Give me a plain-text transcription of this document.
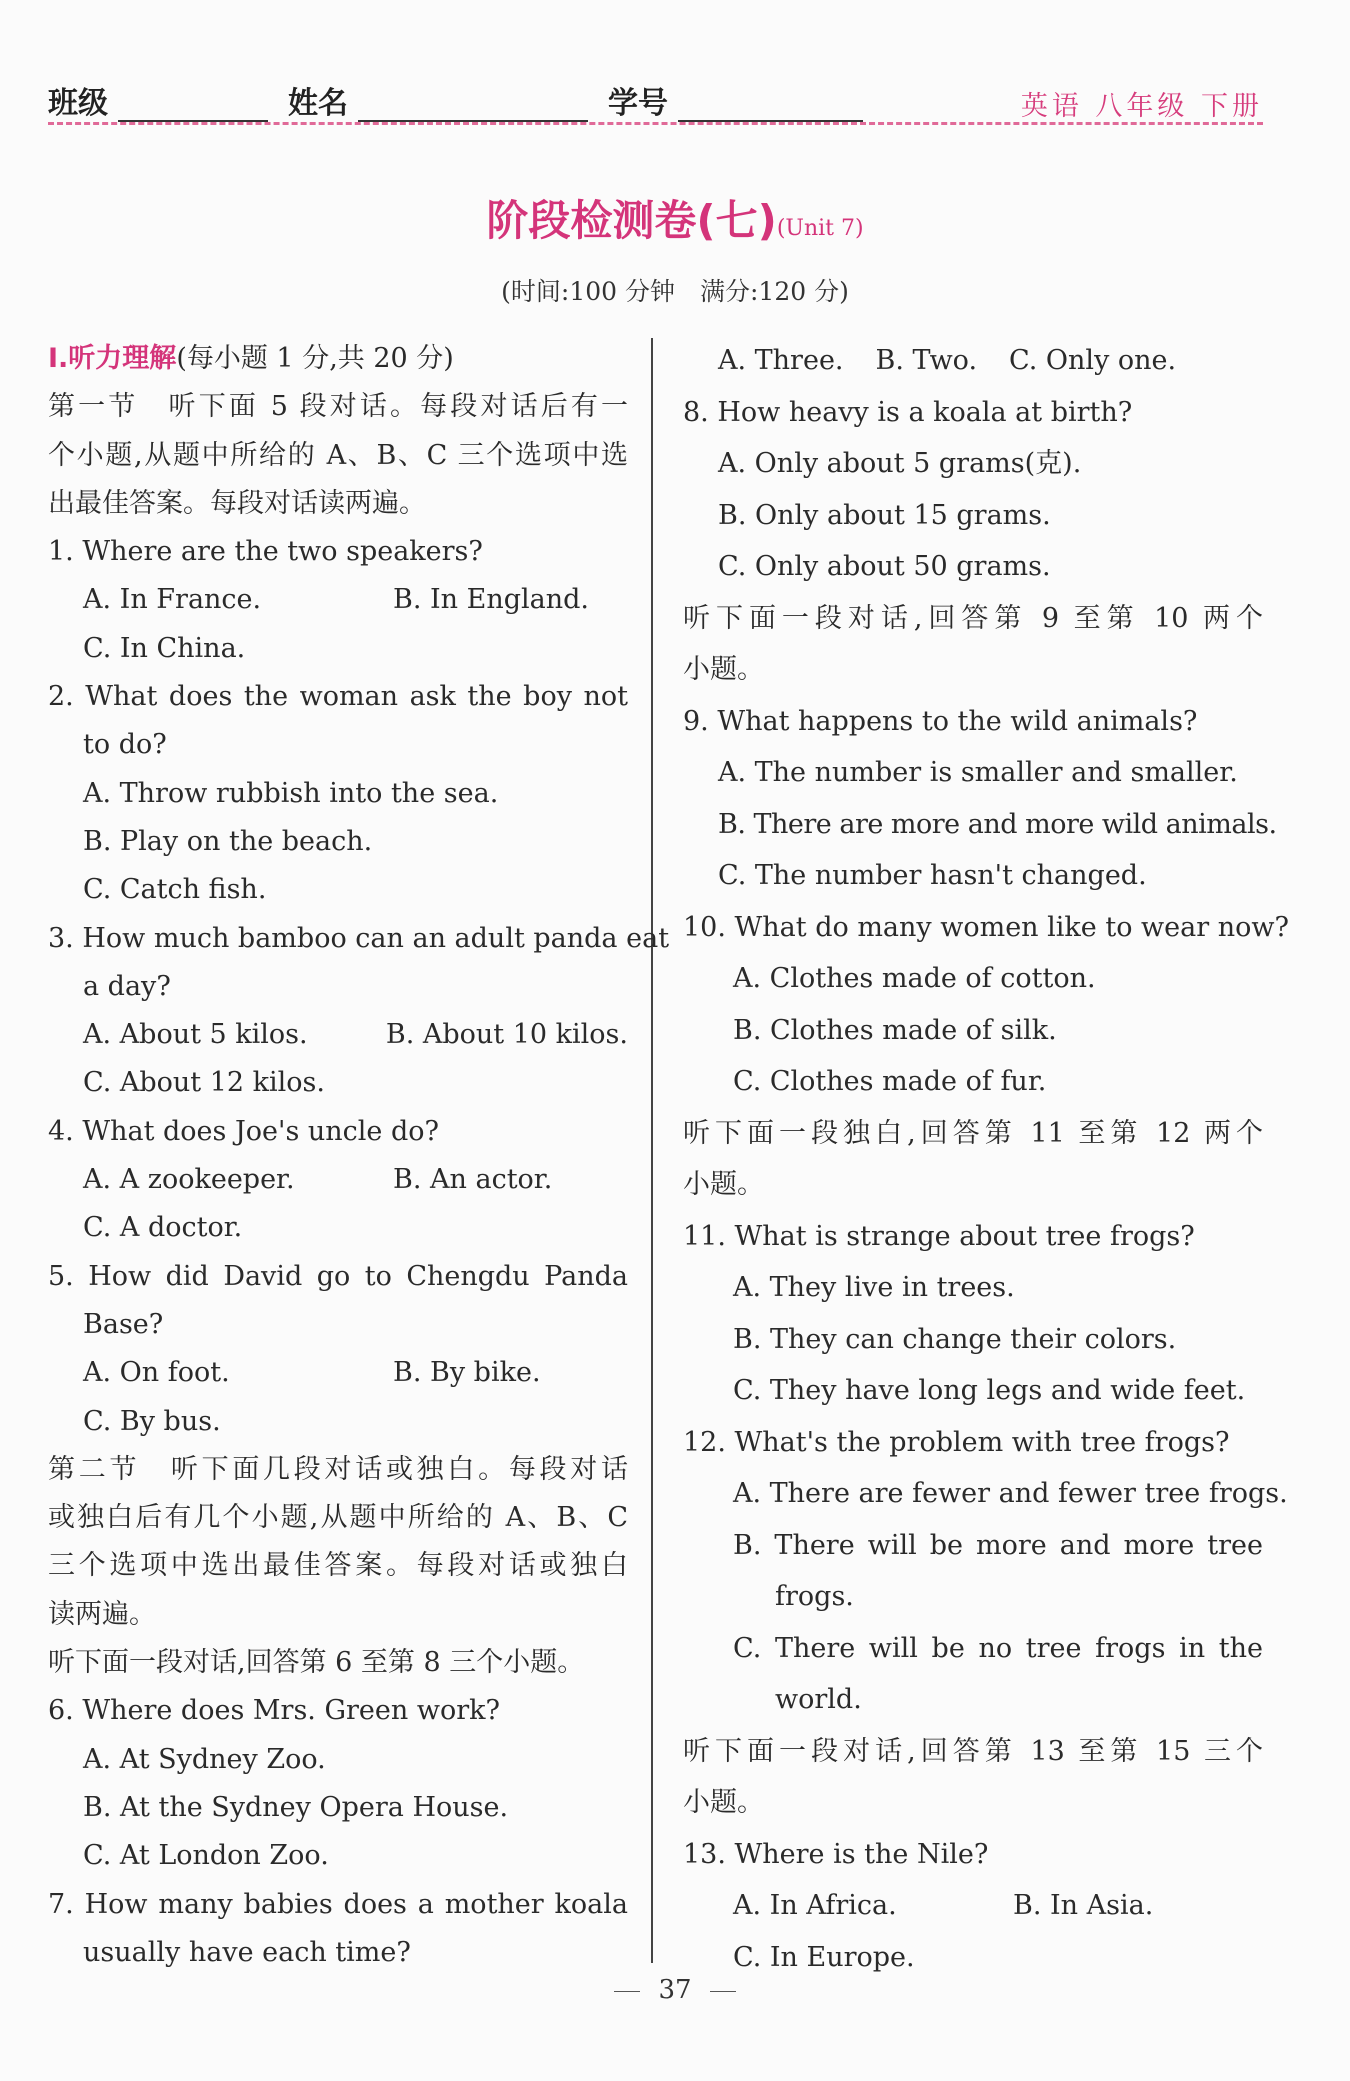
班级	姓名	学号	英语 八年级 下册
阶段检测卷(七)(Unit 7)
(时间:100 分钟　满分:120 分)
Ⅰ.听力理解(每小题 1 分,共 20 分)
第一节　听下面 5 段对话。每段对话后有一
个小题,从题中所给的 A、B、C 三个选项中选
出最佳答案。每段对话读两遍。
1. Where are the two speakers?
A. In France.	B. In England.
C. In China.
2. What does the woman ask the boy not
to do?
A. Throw rubbish into the sea.
B. Play on the beach.
C. Catch fish.
3. How much bamboo can an adult panda eat
a day?
A. About 5 kilos.	B. About 10 kilos.
C. About 12 kilos.
4. What does Joe's uncle do?
A. A zookeeper.	B. An actor.
C. A doctor.
5. How did David go to Chengdu Panda
Base?
A. On foot.	B. By bike.
C. By bus.
第二节　听下面几段对话或独白。每段对话
或独白后有几个小题,从题中所给的 A、B、C
三个选项中选出最佳答案。每段对话或独白
读两遍。
听下面一段对话,回答第 6 至第 8 三个小题。
6. Where does Mrs. Green work?
A. At Sydney Zoo.
B. At the Sydney Opera House.
C. At London Zoo.
7. How many babies does a mother koala
usually have each time?
A. Three. B. Two. C. Only one.
8. How heavy is a koala at birth?
A. Only about 5 grams(克).
B. Only about 15 grams.
C. Only about 50 grams.
听下面一段对话,回答第 9 至第 10 两个
小题。
9. What happens to the wild animals?
A. The number is smaller and smaller.
B. There are more and more wild animals.
C. The number hasn't changed.
10. What do many women like to wear now?
A. Clothes made of cotton.
B. Clothes made of silk.
C. Clothes made of fur.
听下面一段独白,回答第 11 至第 12 两个
小题。
11. What is strange about tree frogs?
A. They live in trees.
B. They can change their colors.
C. They have long legs and wide feet.
12. What's the problem with tree frogs?
A. There are fewer and fewer tree frogs.
B. There will be more and more tree
frogs.
C. There will be no tree frogs in the
world.
听下面一段对话,回答第 13 至第 15 三个
小题。
13. Where is the Nile?
A. In Africa.	B. In Asia.
C. In Europe.
37
